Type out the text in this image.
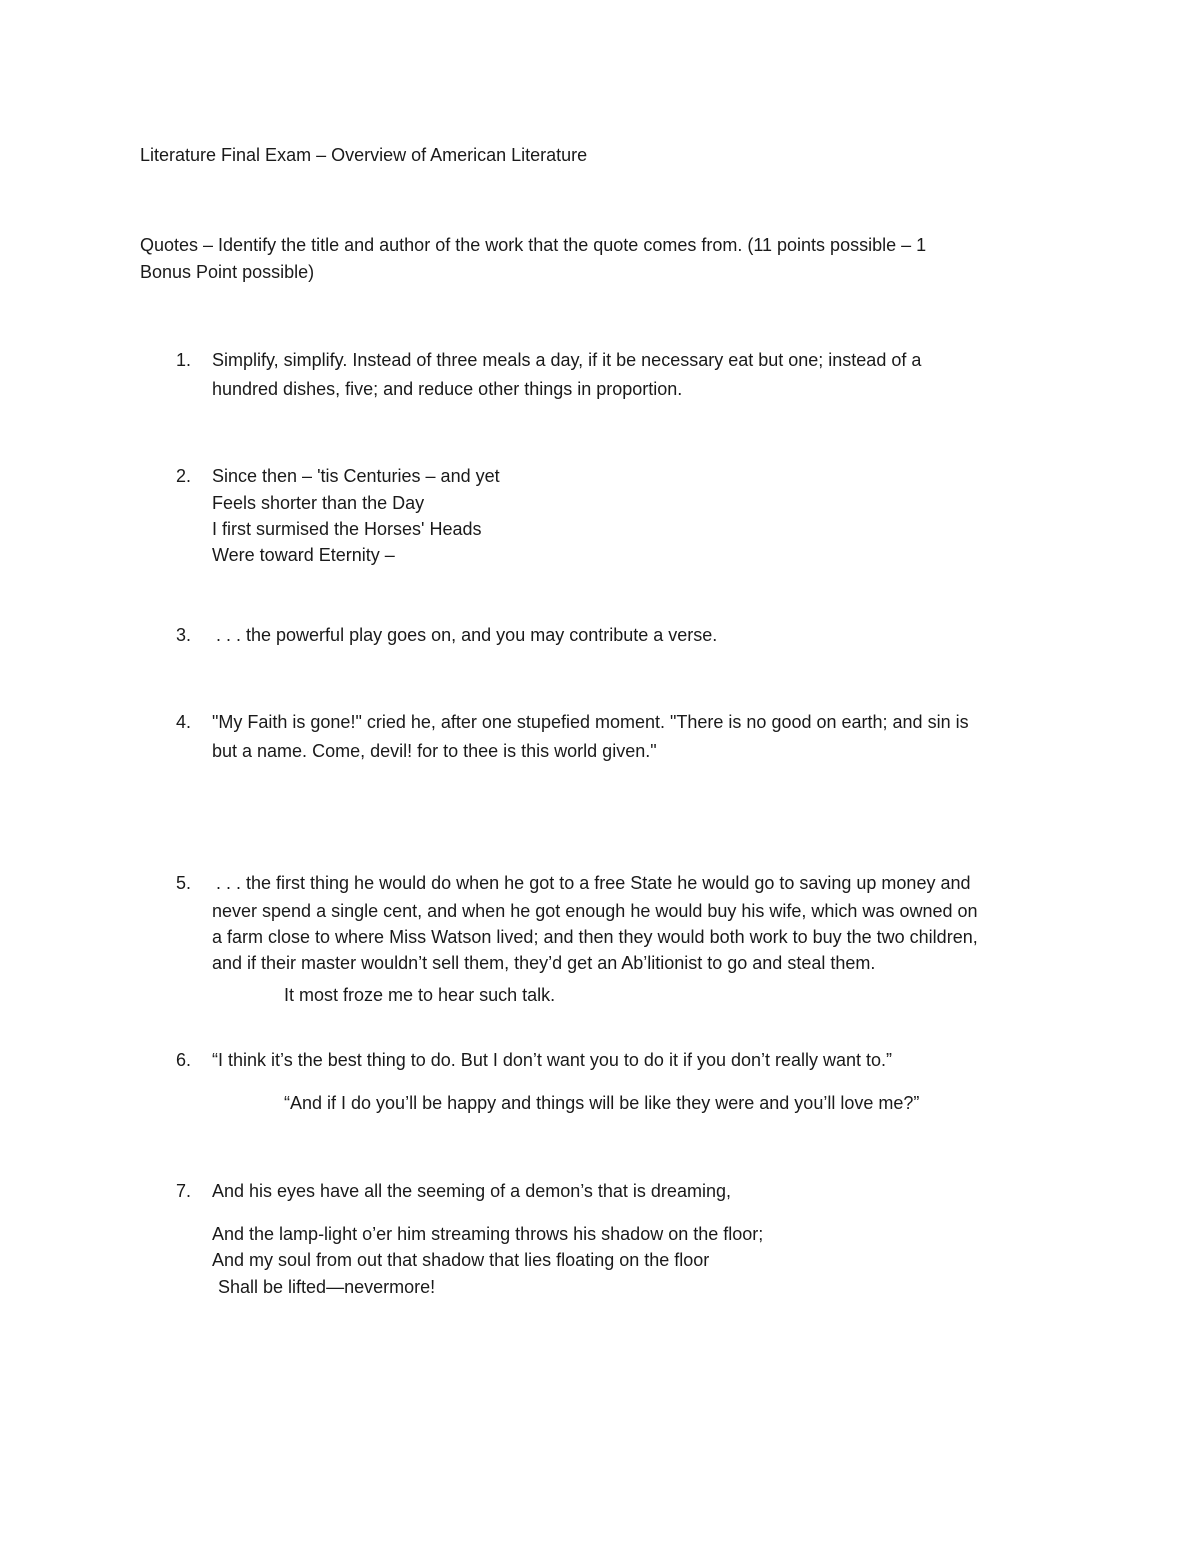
Literature Final Exam – Overview of American Literature
Quotes – Identify the title and author of the work that the quote comes from. (11 points possible – 1
Bonus Point possible)
1. Simplify, simplify. Instead of three meals a day, if it be necessary eat but one; instead of a
hundred dishes, five; and reduce other things in proportion.
2. Since then – 'tis Centuries – and yet
Feels shorter than the Day
I first surmised the Horses' Heads
Were toward Eternity –
3. . . . the powerful play goes on, and you may contribute a verse.
4. "My Faith is gone!" cried he, after one stupefied moment. "There is no good on earth; and sin is
but a name. Come, devil! for to thee is this world given."
5. . . . the first thing he would do when he got to a free State he would go to saving up money and
never spend a single cent, and when he got enough he would buy his wife, which was owned on
a farm close to where Miss Watson lived; and then they would both work to buy the two children,
and if their master wouldn’t sell them, they’d get an Ab’litionist to go and steal them.
It most froze me to hear such talk.
6. “I think it’s the best thing to do. But I don’t want you to do it if you don’t really want to.”
“And if I do you’ll be happy and things will be like they were and you’ll love me?”
7. And his eyes have all the seeming of a demon’s that is dreaming,
And the lamp-light o’er him streaming throws his shadow on the floor;
And my soul from out that shadow that lies floating on the floor
Shall be lifted—nevermore!
